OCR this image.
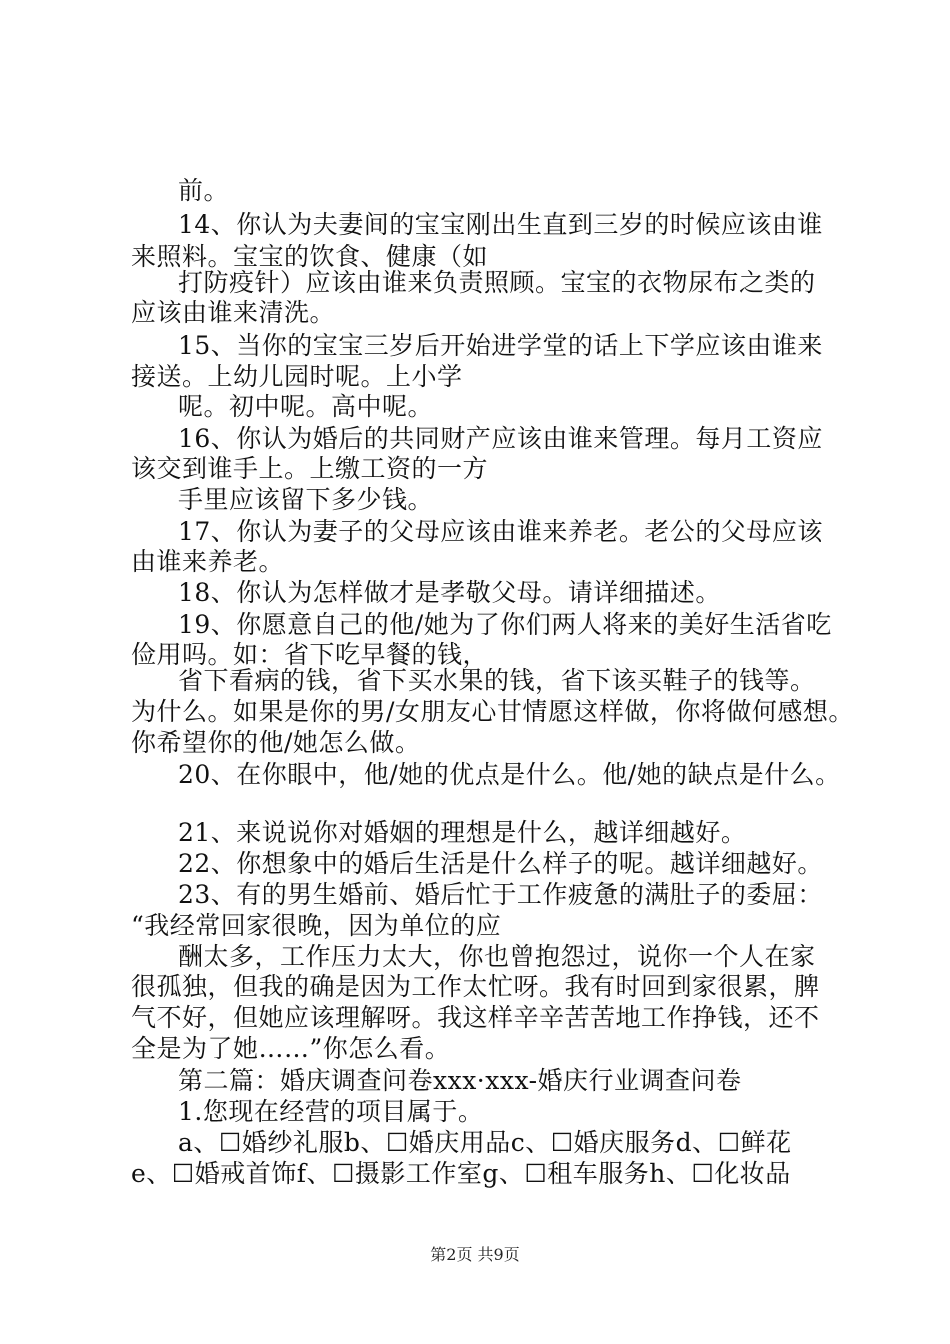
前。
14、你认为夫妻间的宝宝刚出生直到三岁的时候应该由谁
来照料。宝宝的饮食、健康（如
打防疫针）应该由谁来负责照顾。宝宝的衣物尿布之类的
应该由谁来清洗。
15、当你的宝宝三岁后开始进学堂的话上下学应该由谁来
接送。上幼儿园时呢。上小学
呢。初中呢。高中呢。
16、你认为婚后的共同财产应该由谁来管理。每月工资应
该交到谁手上。上缴工资的一方
手里应该留下多少钱。
17、你认为妻子的父母应该由谁来养老。老公的父母应该
由谁来养老。
18、你认为怎样做才是孝敬父母。请详细描述。
19、你愿意自己的他/她为了你们两人将来的美好生活省吃
俭用吗。如：省下吃早餐的钱，
省下看病的钱，省下买水果的钱，省下该买鞋子的钱等。
为什么。如果是你的男/女朋友心甘情愿这样做，你将做何感想。
你希望你的他/她怎么做。
20、在你眼中，他/她的优点是什么。他/她的缺点是什么。
21、来说说你对婚姻的理想是什么，越详细越好。
22、你想象中的婚后生活是什么样子的呢。越详细越好。
23、有的男生婚前、婚后忙于工作疲惫的满肚子的委屈：
“我经常回家很晚，因为单位的应
酬太多，工作压力太大，你也曾抱怨过，说你一个人在家
很孤独，但我的确是因为工作太忙呀。我有时回到家很累，脾
气不好，但她应该理解呀。我这样辛辛苦苦地工作挣钱，还不
全是为了她……”你怎么看。
第二篇：婚庆调查问卷xxx·xxx-婚庆行业调查问卷
1.您现在经营的项目属于。
a、☐婚纱礼服b、☐婚庆用品c、☐婚庆服务d、☐鲜花
e、☐婚戒首饰f、☐摄影工作室g、☐租车服务h、☐化妆品
第2页 共9页
